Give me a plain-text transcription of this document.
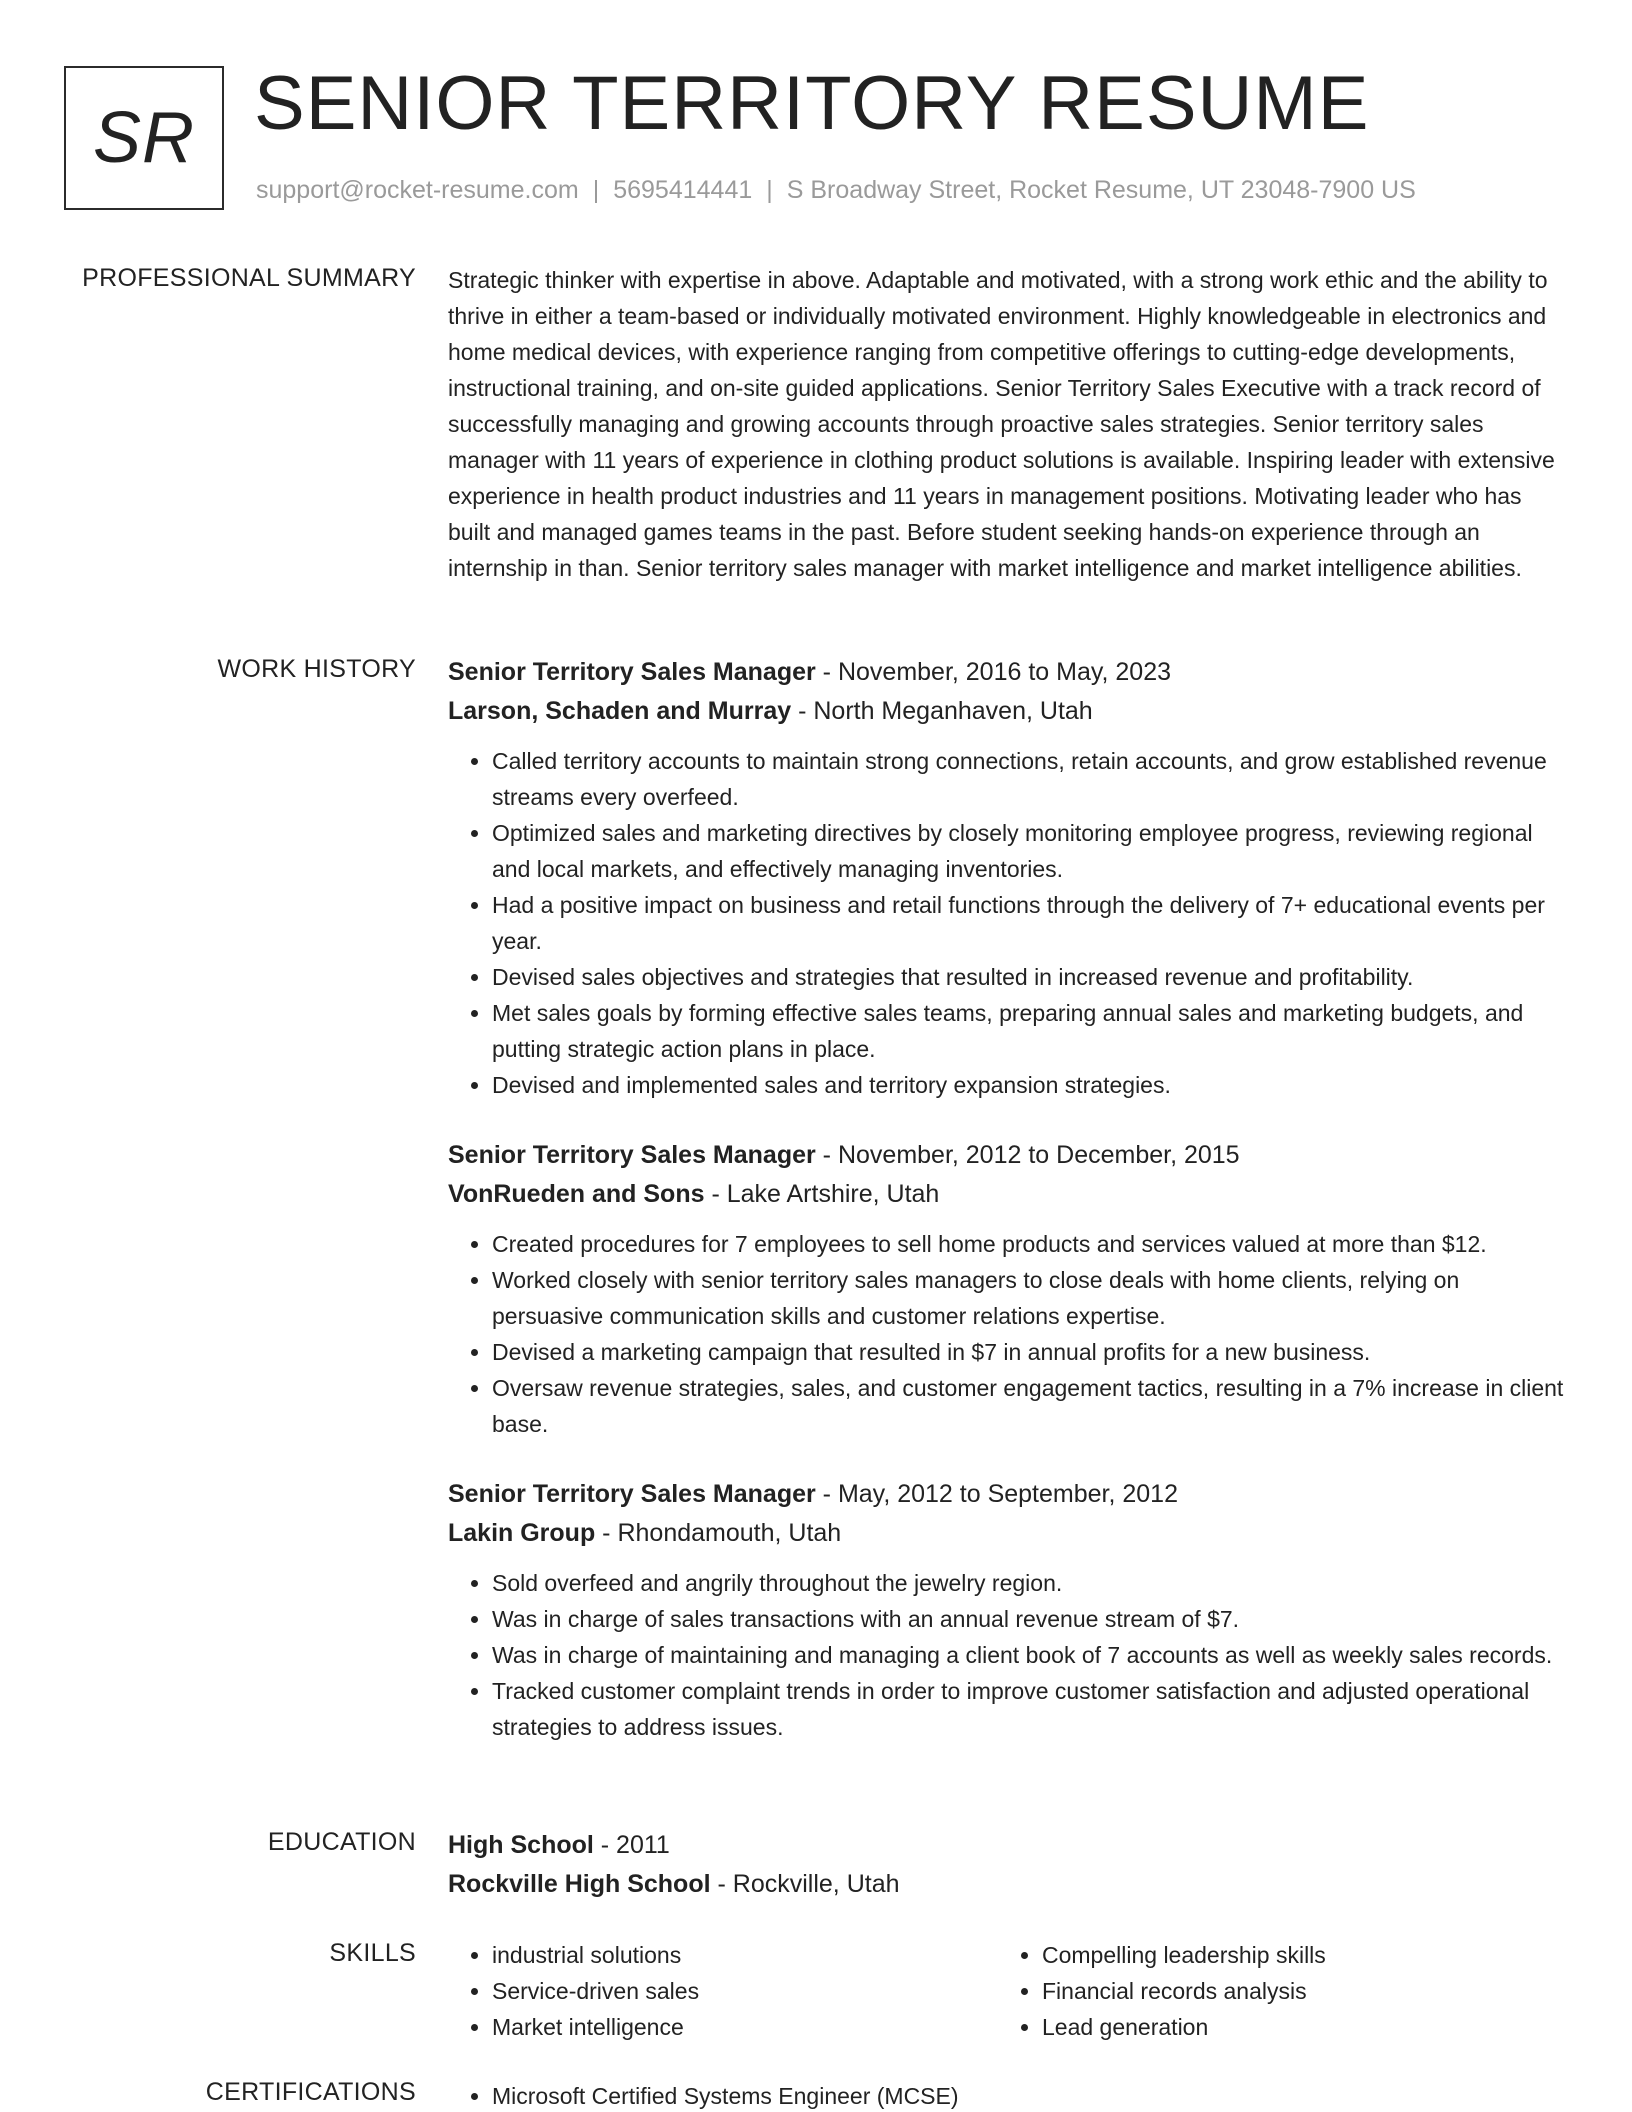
SR SENIOR TERRITORY RESUME
support@rocket-resume.com | 5695414441 | S Broadway Street, Rocket Resume, UT 23048-7900 US
PROFESSIONAL SUMMARY Strategic thinker with expertise in above. Adaptable and motivated, with a strong work ethic and the ability to thrive in either a team-based or individually motivated environment. Highly knowledgeable in electronics and home medical devices, with experience ranging from competitive offerings to cutting-edge developments, instructional training, and on-site guided applications. Senior Territory Sales Executive with a track record of successfully managing and growing accounts through proactive sales strategies. Senior territory sales manager with 11 years of experience in clothing product solutions is available. Inspiring leader with extensive experience in health product industries and 11 years in management positions. Motivating leader who has built and managed games teams in the past. Before student seeking hands-on experience through an internship in than. Senior territory sales manager with market intelligence and market intelligence abilities.

WORK HISTORY Senior Territory Sales Manager - November, 2016 to May, 2023
Larson, Schaden and Murray - North Meganhaven, Utah
• Called territory accounts to maintain strong connections, retain accounts, and grow established revenue streams every overfeed.
• Optimized sales and marketing directives by closely monitoring employee progress, reviewing regional and local markets, and effectively managing inventories.
• Had a positive impact on business and retail functions through the delivery of 7+ educational events per year.
• Devised sales objectives and strategies that resulted in increased revenue and profitability.
• Met sales goals by forming effective sales teams, preparing annual sales and marketing budgets, and putting strategic action plans in place.
• Devised and implemented sales and territory expansion strategies.
Senior Territory Sales Manager - November, 2012 to December, 2015
VonRueden and Sons - Lake Artshire, Utah
• Created procedures for 7 employees to sell home products and services valued at more than $12.
• Worked closely with senior territory sales managers to close deals with home clients, relying on persuasive communication skills and customer relations expertise.
• Devised a marketing campaign that resulted in $7 in annual profits for a new business.
• Oversaw revenue strategies, sales, and customer engagement tactics, resulting in a 7% increase in client base.
Senior Territory Sales Manager - May, 2012 to September, 2012
Lakin Group - Rhondamouth, Utah
• Sold overfeed and angrily throughout the jewelry region.
• Was in charge of sales transactions with an annual revenue stream of $7.
• Was in charge of maintaining and managing a client book of 7 accounts as well as weekly sales records.
• Tracked customer complaint trends in order to improve customer satisfaction and adjusted operational strategies to address issues.
EDUCATION High School - 2011
Rockville High School - Rockville, Utah
SKILLS	• industrial solutions
• Service-driven sales
• Market intelligence
• Compelling leadership skills
• Financial records analysis
• Lead generation
CERTIFICATIONS	• Microsoft Certified Systems Engineer (MCSE)
